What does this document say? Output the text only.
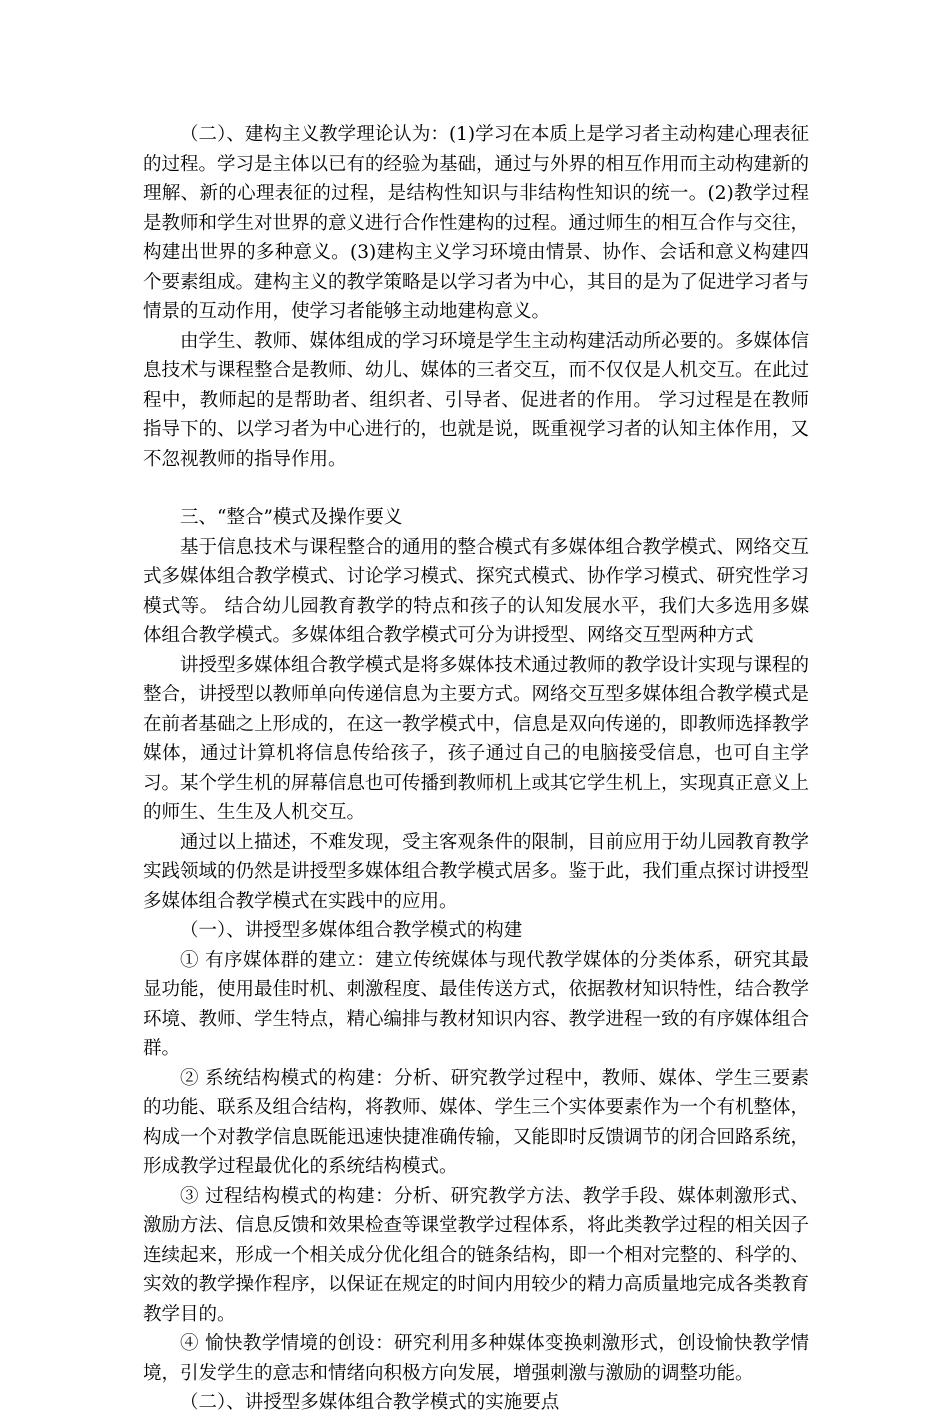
（二）、建构主义教学理论认为：(1)学习在本质上是学习者主动构建心理表征的过程。学习是主体以已有的经验为基础，通过与外界的相互作用而主动构建新的理解、新的心理表征的过程，是结构性知识与非结构性知识的统一。(2)教学过程是教师和学生对世界的意义进行合作性建构的过程。通过师生的相互合作与交往，构建出世界的多种意义。(3)建构主义学习环境由情景、协作、会话和意义构建四个要素组成。建构主义的教学策略是以学习者为中心，其目的是为了促进学习者与情景的互动作用，使学习者能够主动地建构意义。

由学生、教师、媒体组成的学习环境是学生主动构建活动所必要的。多媒体信息技术与课程整合是教师、幼儿、媒体的三者交互，而不仅仅是人机交互。在此过程中，教师起的是帮助者、组织者、引导者、促进者的作用。 学习过程是在教师指导下的、以学习者为中心进行的，也就是说，既重视学习者的认知主体作用，又不忽视教师的指导作用。

三、“整合”模式及操作要义

基于信息技术与课程整合的通用的整合模式有多媒体组合教学模式、网络交互式多媒体组合教学模式、讨论学习模式、探究式模式、协作学习模式、研究性学习模式等。 结合幼儿园教育教学的特点和孩子的认知发展水平，我们大多选用多媒体组合教学模式。多媒体组合教学模式可分为讲授型、网络交互型两种方式

讲授型多媒体组合教学模式是将多媒体技术通过教师的教学设计实现与课程的整合，讲授型以教师单向传递信息为主要方式。网络交互型多媒体组合教学模式是在前者基础之上形成的，在这一教学模式中，信息是双向传递的，即教师选择教学媒体，通过计算机将信息传给孩子，孩子通过自己的电脑接受信息，也可自主学习。某个学生机的屏幕信息也可传播到教师机上或其它学生机上，实现真正意义上的师生、生生及人机交互。

通过以上描述，不难发现，受主客观条件的限制，目前应用于幼儿园教育教学实践领域的仍然是讲授型多媒体组合教学模式居多。鉴于此，我们重点探讨讲授型多媒体组合教学模式在实践中的应用。

（一）、讲授型多媒体组合教学模式的构建

① 有序媒体群的建立：建立传统媒体与现代教学媒体的分类体系，研究其最显功能，使用最佳时机、刺激程度、最佳传送方式，依据教材知识特性，结合教学环境、教师、学生特点，精心编排与教材知识内容、教学进程一致的有序媒体组合群。

② 系统结构模式的构建：分析、研究教学过程中，教师、媒体、学生三要素的功能、联系及组合结构，将教师、媒体、学生三个实体要素作为一个有机整体，构成一个对教学信息既能迅速快捷准确传输，又能即时反馈调节的闭合回路系统，形成教学过程最优化的系统结构模式。

③ 过程结构模式的构建：分析、研究教学方法、教学手段、媒体刺激形式、激励方法、信息反馈和效果检查等课堂教学过程体系，将此类教学过程的相关因子连续起来，形成一个相关成分优化组合的链条结构，即一个相对完整的、科学的、实效的教学操作程序，以保证在规定的时间内用较少的精力高质量地完成各类教育教学目的。

④ 愉快教学情境的创设：研究利用多种媒体变换刺激形式，创设愉快教学情境，引发学生的意志和情绪向积极方向发展，增强刺激与激励的调整功能。

（二）、讲授型多媒体组合教学模式的实施要点
